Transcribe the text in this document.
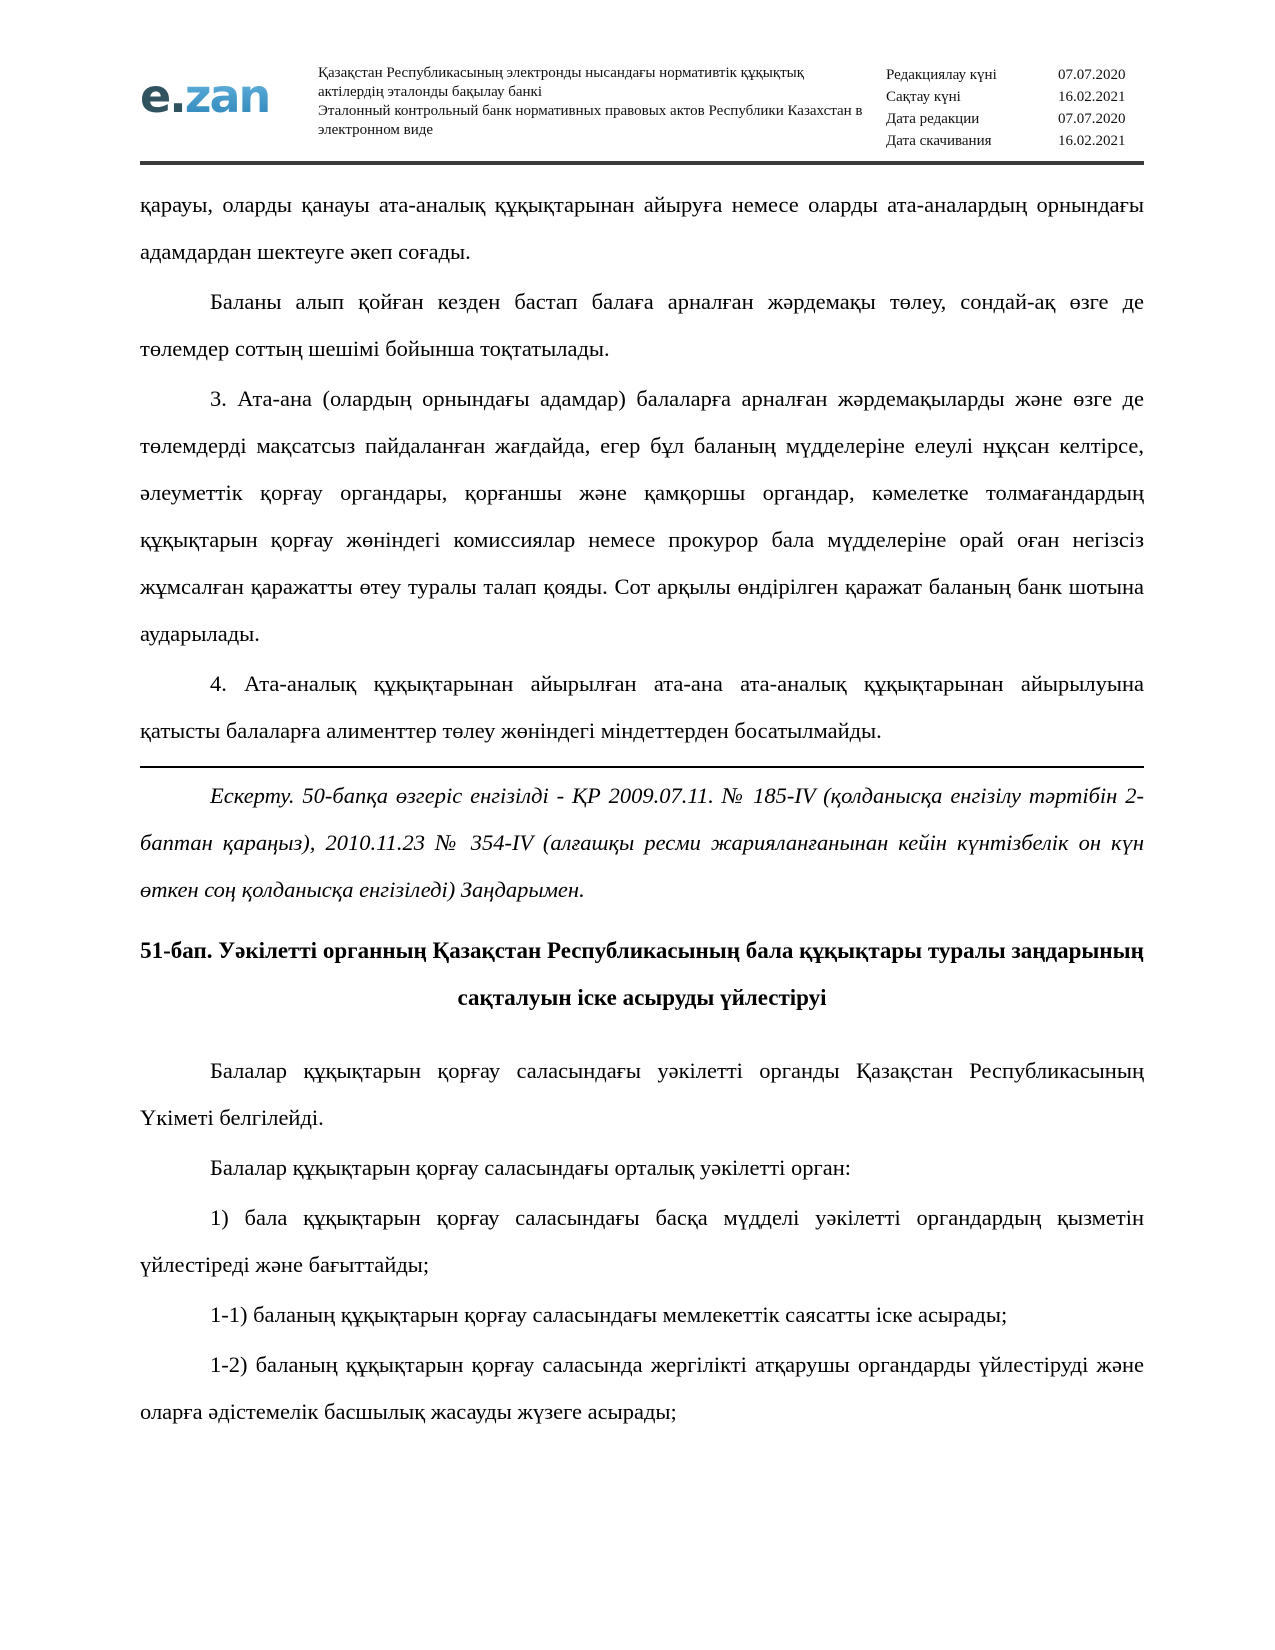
e.zan	Қазақстан Республикасының электронды нысандағы нормативтік құқықтық актілердің эталонды бақылау банкі
Эталонный контрольный банк нормативных правовых актов Республики Казахстан в электронном виде
Редакциялау күні	07.07.2020
Сақтау күні	16.02.2021
Дата редакции	07.07.2020
Дата скачивания	16.02.2021

қарауы, оларды қанауы ата-аналық құқықтарынан айыруға немесе оларды ата-аналардың орнындағы адамдардан шектеуге әкеп соғады.

Баланы алып қойған кезден бастап балаға арналған жәрдемақы төлеу, сондай-ақ өзге де төлемдер соттың шешімі бойынша тоқтатылады.

3. Ата-ана (олардың орнындағы адамдар) балаларға арналған жәрдемақыларды және өзге де төлемдерді мақсатсыз пайдаланған жағдайда, егер бұл баланың мүдделеріне елеулі нұқсан келтірсе, әлеуметтік қорғау органдары, қорғаншы және қамқоршы органдар, кәмелетке толмағандардың құқықтарын қорғау жөніндегі комиссиялар немесе прокурор бала мүдделеріне орай оған негізсіз жұмсалған қаражатты өтеу туралы талап қояды. Сот арқылы өндірілген қаражат баланың банк шотына аударылады.

4. Ата-аналық құқықтарынан айырылған ата-ана ата-аналық құқықтарынан айырылуына қатысты балаларға алименттер төлеу жөніндегі міндеттерден босатылмайды.

Ескерту. 50-бапқа өзгеріс енгізілді - ҚР 2009.07.11. № 185-IV (қолданысқа енгізілу тәртібін 2-баптан қараңыз), 2010.11.23 № 354-IV (алғашқы ресми жарияланғанынан кейін күнтізбелік он күн өткен соң қолданысқа енгізіледі) Заңдарымен.

51-бап. Уәкілетті органның Қазақстан Республикасының бала құқықтары туралы заңдарының сақталуын іске асыруды үйлестіруі

Балалар құқықтарын қорғау саласындағы уәкілетті органды Қазақстан Республикасының Үкіметі белгілейді.

Балалар құқықтарын қорғау саласындағы орталық уәкілетті орган:

1) бала құқықтарын қорғау саласындағы басқа мүдделі уәкілетті органдардың қызметін үйлестіреді және бағыттайды;

1-1) баланың құқықтарын қорғау саласындағы мемлекеттік саясатты іске асырады;

1-2) баланың құқықтарын қорғау саласында жергілікті атқарушы органдарды үйлестіруді және оларға әдістемелік басшылық жасауды жүзеге асырады;
